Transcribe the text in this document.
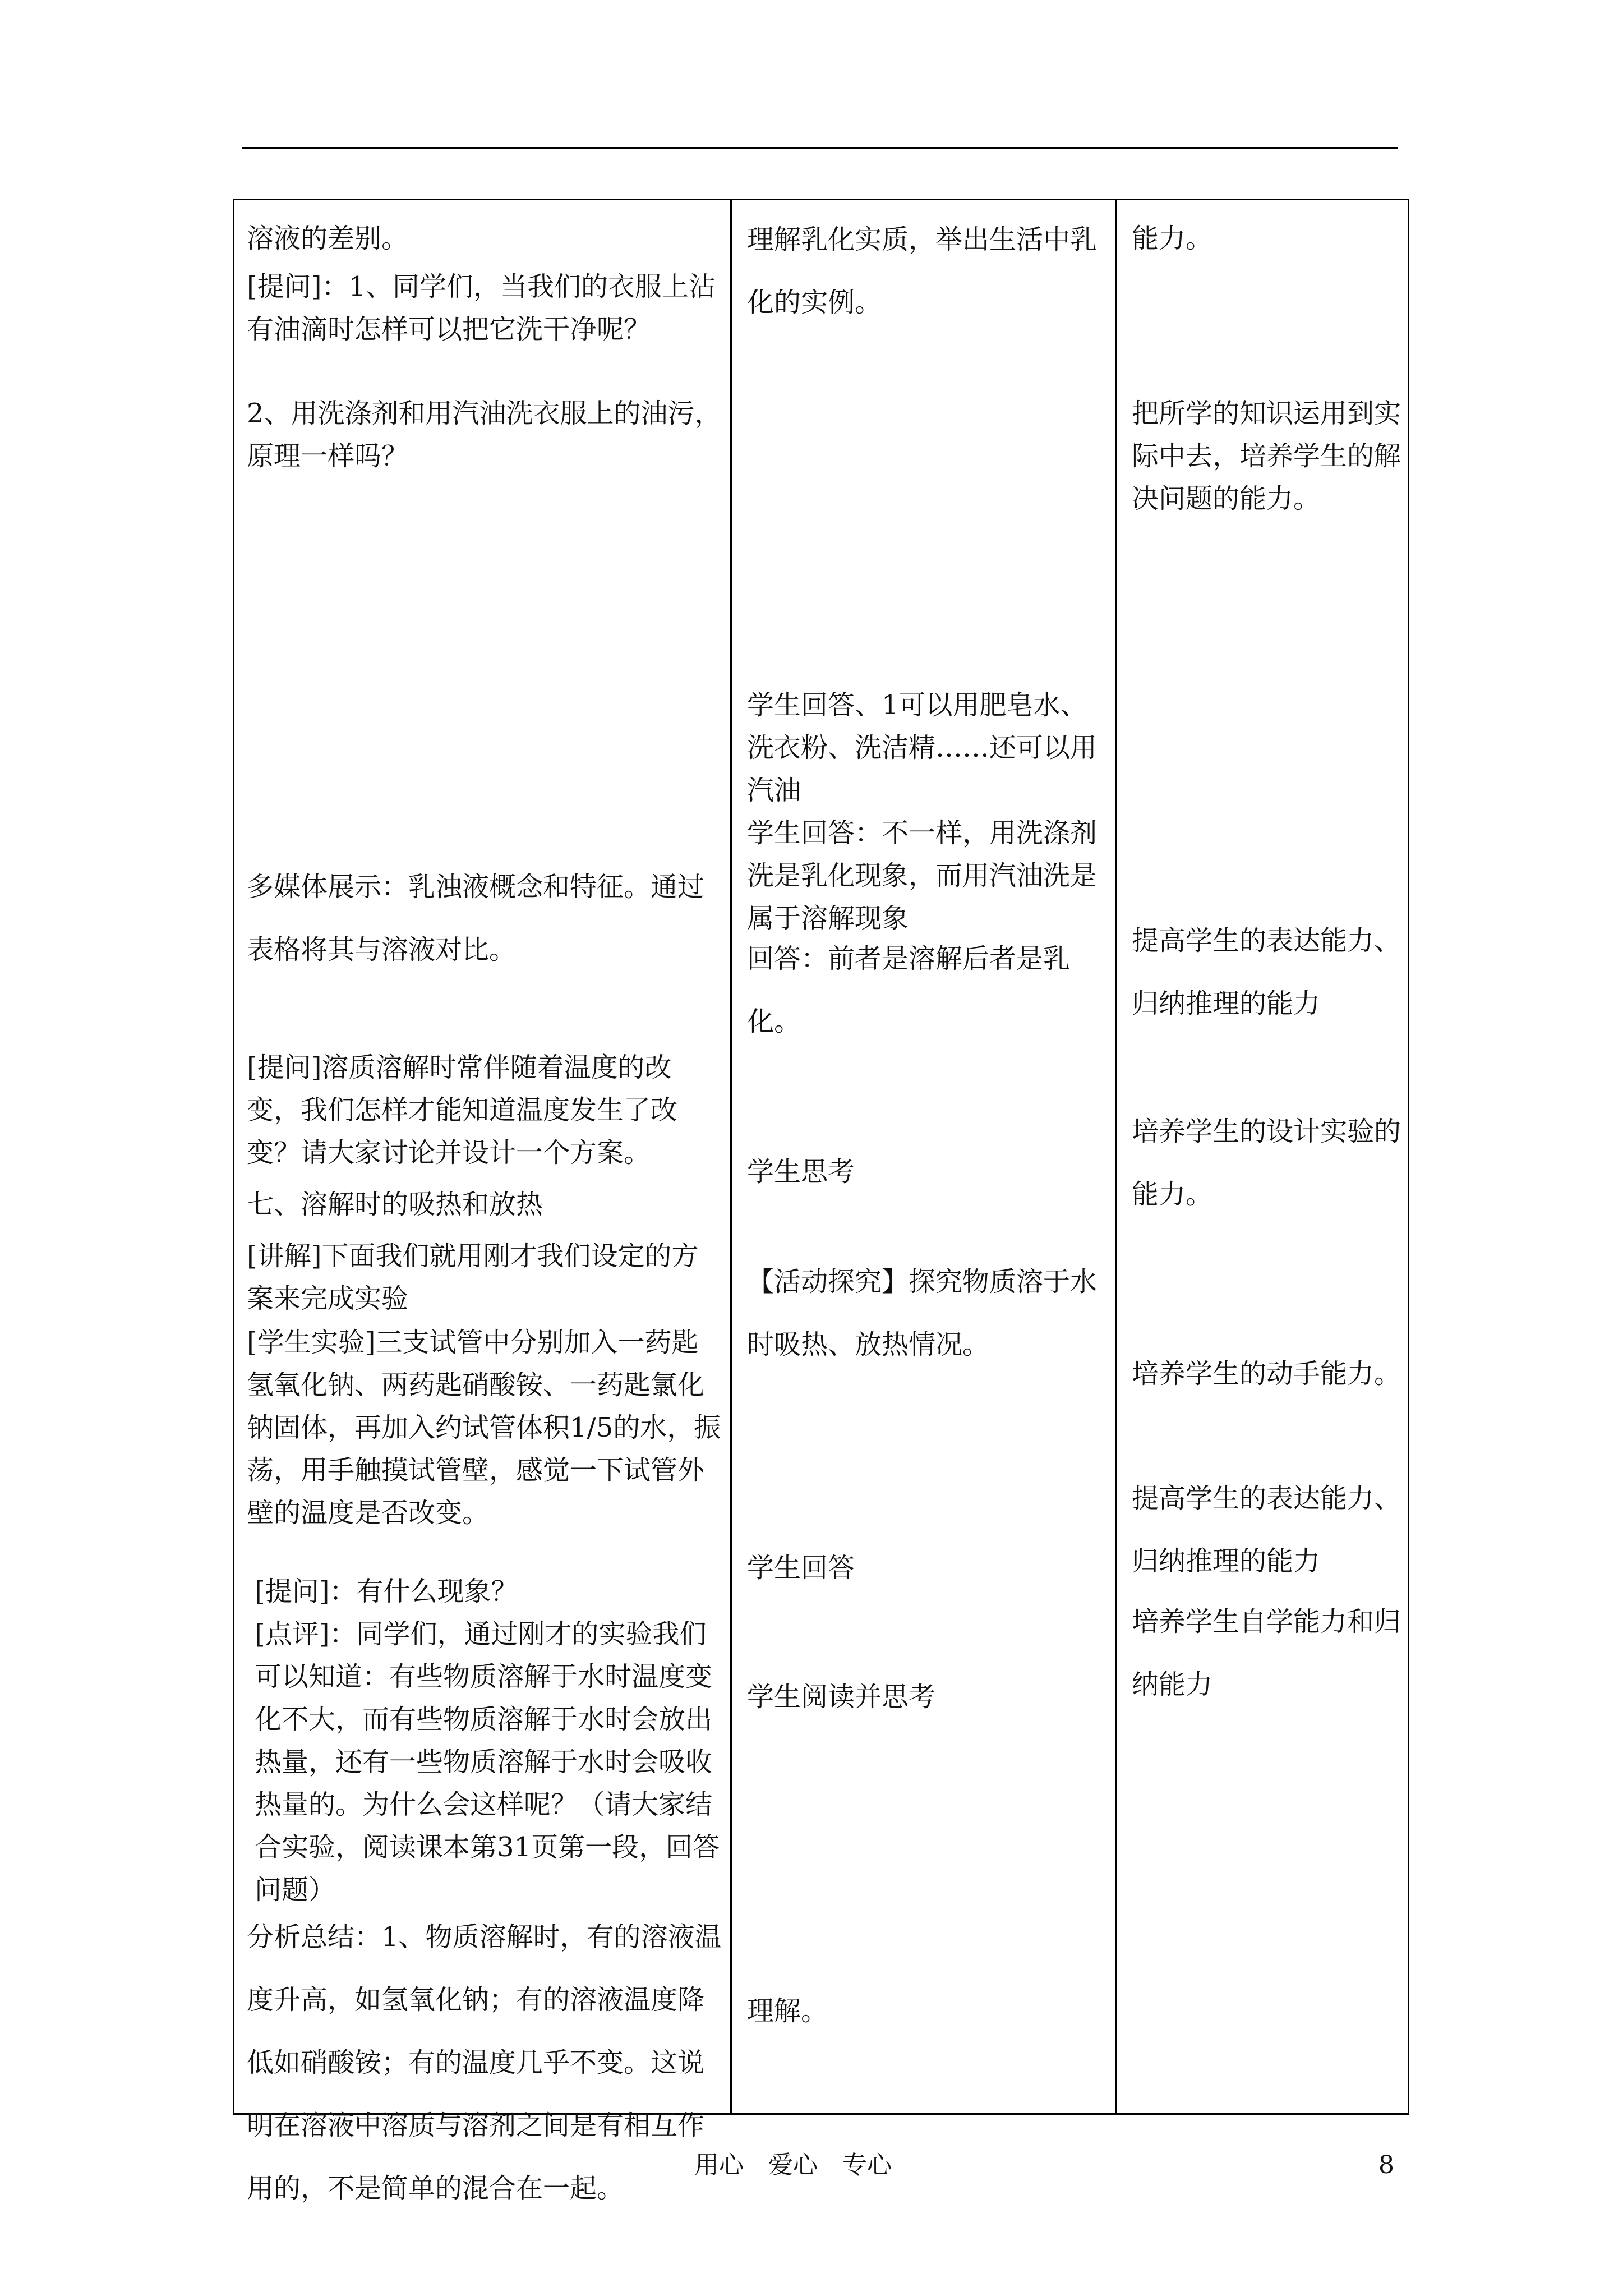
溶液的差别。

[提问]：1、同学们，当我们的衣服上沾有油滴时怎样可以把它洗干净呢？

2、用洗涤剂和用汽油洗衣服上的油污，原理一样吗？

多媒体展示：乳浊液概念和特征。通过表格将其与溶液对比。

[提问]溶质溶解时常伴随着温度的改变，我们怎样才能知道温度发生了改变？请大家讨论并设计一个方案。

七、溶解时的吸热和放热

[讲解]下面我们就用刚才我们设定的方案来完成实验

[学生实验]三支试管中分别加入一药匙氢氧化钠、两药匙硝酸铵、一药匙氯化钠固体，再加入约试管体积1/5的水，振荡，用手触摸试管壁，感觉一下试管外壁的温度是否改变。

[提问]：有什么现象？

[点评]：同学们，通过刚才的实验我们可以知道：有些物质溶解于水时温度变化不大，而有些物质溶解于水时会放出热量，还有一些物质溶解于水时会吸收热量的。为什么会这样呢？（请大家结合实验，阅读课本第31页第一段，回答问题）

分析总结：1、物质溶解时，有的溶液温度升高，如氢氧化钠；有的溶液温度降低如硝酸铵；有的温度几乎不变。这说明在溶液中溶质与溶剂之间是有相互作用的，不是简单的混合在一起。

理解乳化实质，举出生活中乳化的实例。

学生回答、1可以用肥皂水、洗衣粉、洗洁精……还可以用汽油

学生回答：不一样，用洗涤剂洗是乳化现象，而用汽油洗是属于溶解现象

回答：前者是溶解后者是乳化。

学生思考

【活动探究】探究物质溶于水时吸热、放热情况。

学生回答

学生阅读并思考

理解。

能力。

把所学的知识运用到实际中去，培养学生的解决问题的能力。

提高学生的表达能力、归纳推理的能力

培养学生的设计实验的能力。

培养学生的动手能力。

提高学生的表达能力、归纳推理的能力

培养学生自学能力和归纳能力

用心　爱心　专心	8
